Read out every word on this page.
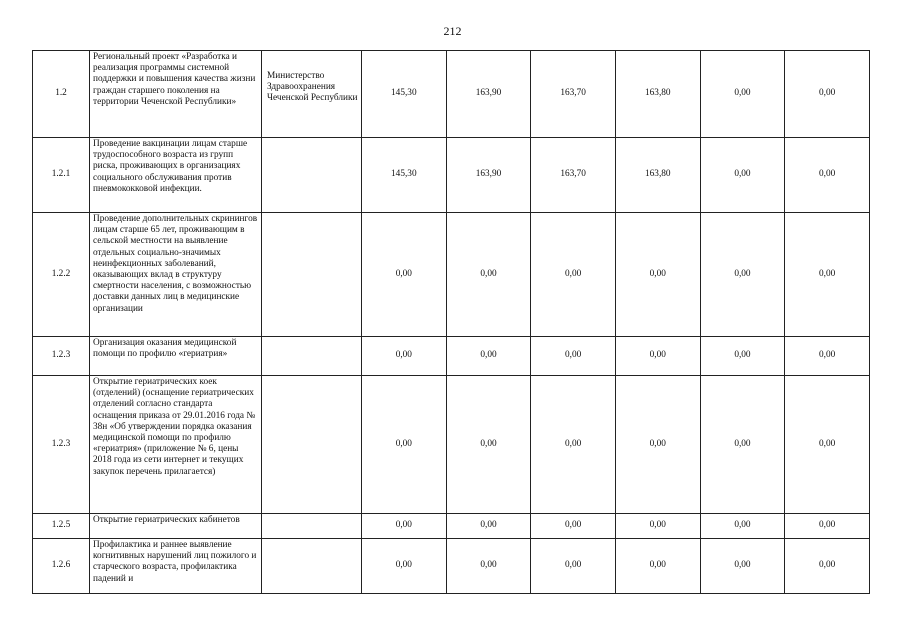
212
1.2	Региональный проект «Разработка и реализация программы системной поддержки и повышения качества жизни граждан старшего поколения на территории Чеченской Республики»	Министерство Здравоохранения Чеченской Республики	145,30	163,90	163,70	163,80	0,00	0,00
1.2.1	Проведение вакцинации лицам старше трудоспособного возраста из групп риска, проживающих в организациях социального обслуживания против пневмококковой инфекции.		145,30	163,90	163,70	163,80	0,00	0,00
1.2.2	Проведение дополнительных скринингов лицам старше 65 лет, проживающим в сельской местности на выявление отдельных социально-значимых неинфекционных заболеваний, оказывающих вклад в структуру смертности населения, с возможностью доставки данных лиц в медицинские организации		0,00	0,00	0,00	0,00	0,00	0,00
1.2.3	Организация оказания медицинской помощи по профилю «гериатрия»		0,00	0,00	0,00	0,00	0,00	0,00
1.2.3	Открытие гериатрических коек (отделений) (оснащение гериатрических отделений согласно стандарта оснащения приказа от 29.01.2016 года № 38н «Об утверждении порядка оказания медицинской помощи по профилю «гериатрия» (приложение № 6, цены 2018 года из сети интернет и текущих закупок перечень прилагается)		0,00	0,00	0,00	0,00	0,00	0,00
1.2.5	Открытие гериатрических кабинетов		0,00	0,00	0,00	0,00	0,00	0,00
1.2.6	Профилактика и раннее выявление когнитивных нарушений лиц пожилого и старческого возраста, профилактика падений и		0,00	0,00	0,00	0,00	0,00	0,00
